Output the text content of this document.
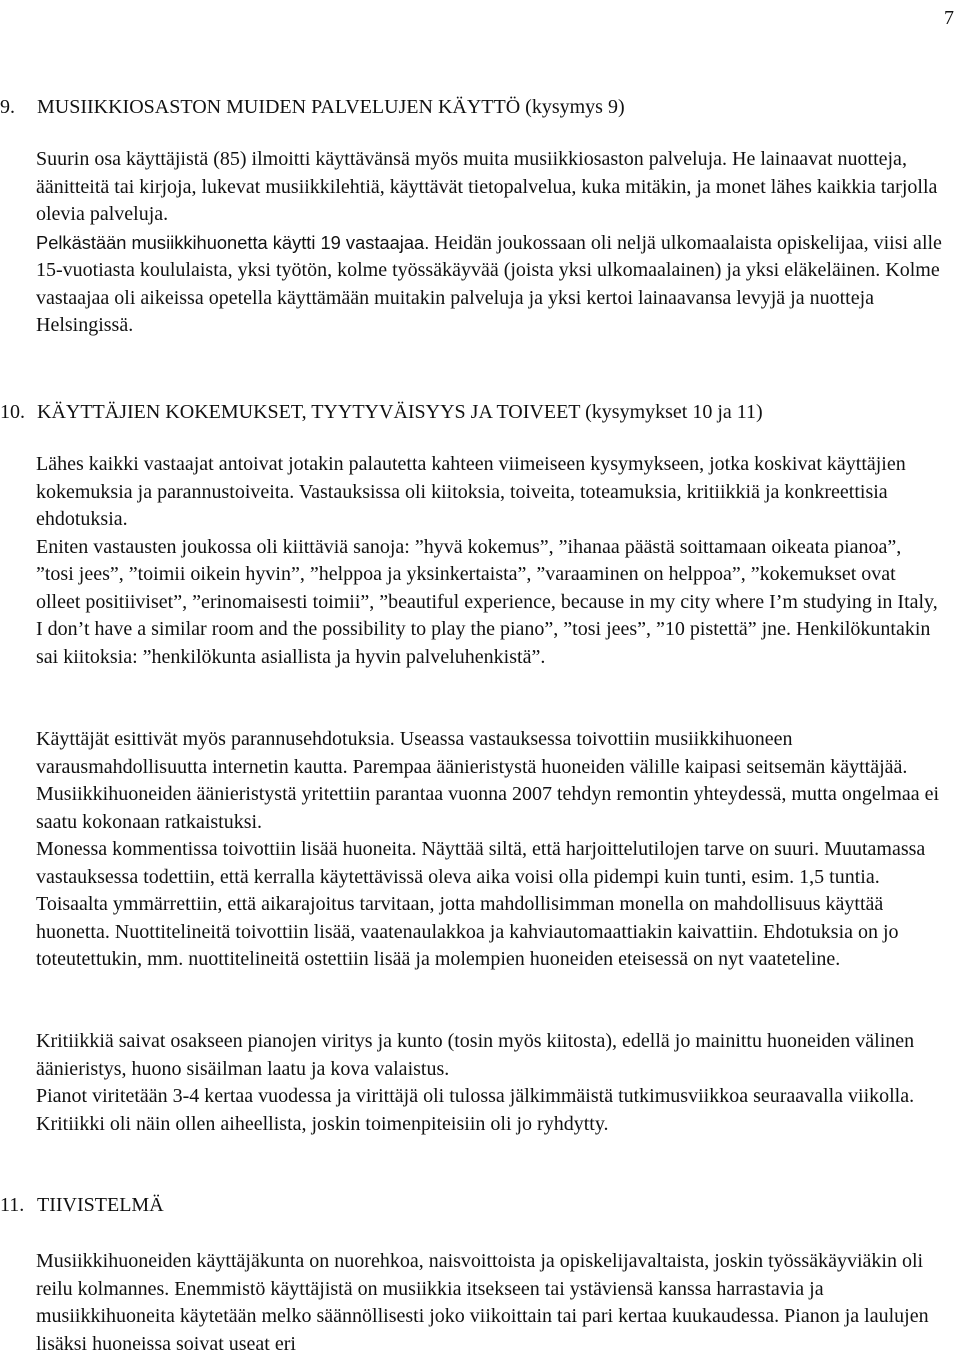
7
9. MUSIIKKIOSASTON MUIDEN PALVELUJEN KÄYTTÖ (kysymys 9)

Suurin osa käyttäjistä (85) ilmoitti käyttävänsä myös muita musiikkiosaston palveluja. He lainaavat nuotteja, äänitteitä tai kirjoja, lukevat musiikkilehtiä, käyttävät tietopalvelua, kuka mitäkin, ja monet lähes kaikkia tarjolla olevia palveluja.
Pelkästään musiikkihuonetta käytti 19 vastaajaa. Heidän joukossaan oli neljä ulkomaalaista opiskelijaa, viisi alle 15-vuotiasta koululaista, yksi työtön, kolme työssäkäyvää (joista yksi ulkomaalainen) ja yksi eläkeläinen. Kolme vastaajaa oli aikeissa opetella käyttämään muitakin palveluja ja yksi kertoi lainaavansa levyjä ja nuotteja Helsingissä.

10. KÄYTTÄJIEN KOKEMUKSET, TYYTYVÄISYYS JA TOIVEET (kysymykset 10 ja 11)

Lähes kaikki vastaajat antoivat jotakin palautetta kahteen viimeiseen kysymykseen, jotka koskivat käyttäjien kokemuksia ja parannustoiveita. Vastauksissa oli kiitoksia, toiveita, toteamuksia, kritiikkiä ja konkreettisia ehdotuksia.
Eniten vastausten joukossa oli kiittäviä sanoja: ”hyvä kokemus”, ”ihanaa päästä soittamaan oikeata pianoa”, ”tosi jees”, ”toimii oikein hyvin”, ”helppoa ja yksinkertaista”, ”varaaminen on helppoa”, ”kokemukset ovat olleet positiiviset”, ”erinomaisesti toimii”, ”beautiful experience, because in my city where I’m studying in Italy, I don’t have a similar room and the possibility to play the piano”, ”tosi jees”, ”10 pistettä” jne. Henkilökuntakin sai kiitoksia: ”henkilökunta asiallista ja hyvin palveluhenkistä”.

Käyttäjät esittivät myös parannusehdotuksia. Useassa vastauksessa toivottiin musiikkihuoneen varausmahdollisuutta internetin kautta. Parempaa äänieristystä huoneiden välille kaipasi seitsemän käyttäjää. Musiikkihuoneiden äänieristystä yritettiin parantaa vuonna 2007 tehdyn remontin yhteydessä, mutta ongelmaa ei saatu kokonaan ratkaistuksi.
Monessa kommentissa toivottiin lisää huoneita. Näyttää siltä, että harjoittelutilojen tarve on suuri. Muutamassa vastauksessa todettiin, että kerralla käytettävissä oleva aika voisi olla pidempi kuin tunti, esim. 1,5 tuntia. Toisaalta ymmärrettiin, että aikarajoitus tarvitaan, jotta mahdollisimman monella on mahdollisuus käyttää huonetta. Nuottitelineitä toivottiin lisää, vaatenaulakkoa ja kahviautomaattiakin kaivattiin. Ehdotuksia on jo toteutettukin, mm. nuottitelineitä ostettiin lisää ja molempien huoneiden eteisessä on nyt vaateteline.

Kritiikkiä saivat osakseen pianojen viritys ja kunto (tosin myös kiitosta), edellä jo mainittu huoneiden välinen äänieristys, huono sisäilman laatu ja kova valaistus.
Pianot viritetään 3-4 kertaa vuodessa ja virittäjä oli tulossa jälkimmäistä tutkimusviikkoa seuraavalla viikolla. Kritiikki oli näin ollen aiheellista, joskin toimenpiteisiin oli jo ryhdytty.

11. TIIVISTELMÄ

Musiikkihuoneiden käyttäjäkunta on nuorehkoa, naisvoittoista ja opiskelijavaltaista, joskin työssäkäyviäkin oli reilu kolmannes. Enemmistö käyttäjistä on musiikkia itsekseen tai ystäviensä kanssa harrastavia ja musiikkihuoneita käytetään melko säännöllisesti joko viikoittain tai pari kertaa kuukaudessa. Pianon ja laulujen lisäksi huoneissa soivat useat eri
